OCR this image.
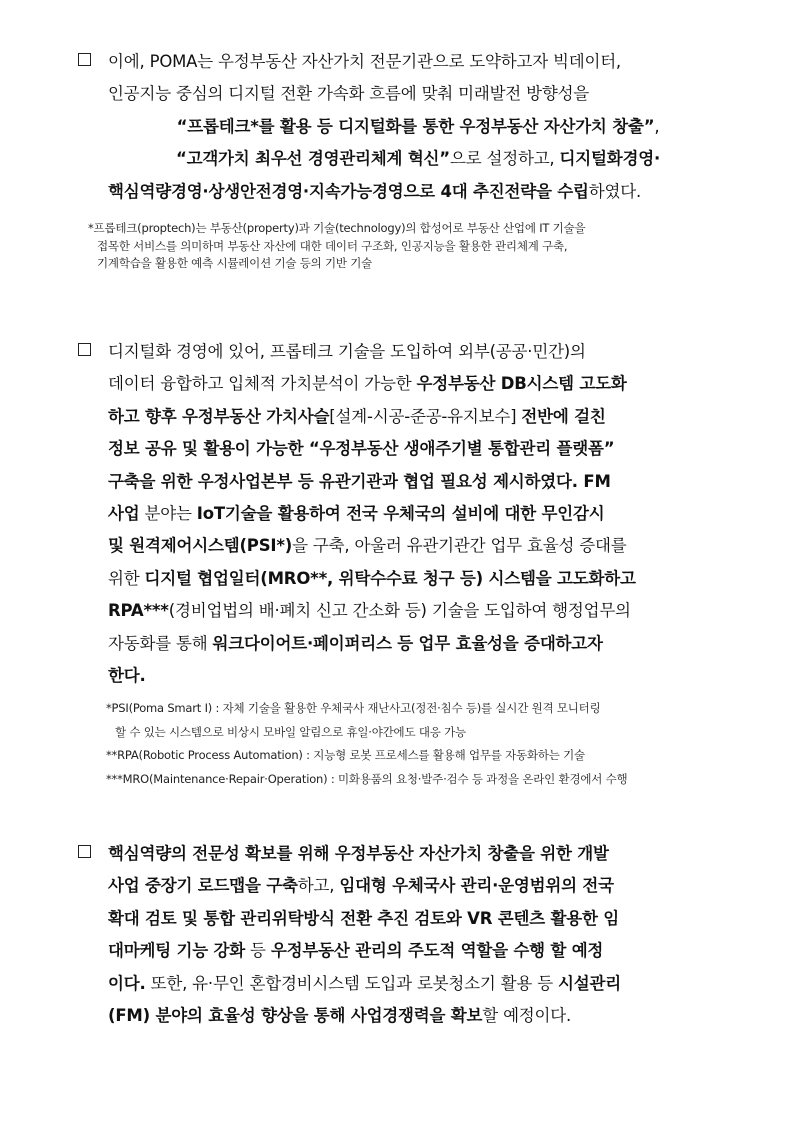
이에, POMA는 우정부동산 자산가치 전문기관으로 도약하고자 빅데이터,
인공지능 중심의 디지털 전환 가속화 흐름에 맞춰 미래발전 방향성을
“프롭테크*를 활용 등 디지털화를 통한 우정부동산 자산가치 창출”,
“고객가치 최우선 경영관리체계 혁신”으로 설정하고, 디지털화경영·
핵심역량경영·상생안전경영·지속가능경영으로 4대 추진전략을 수립하였다.

*프롭테크(proptech)는 부동산(property)과 기술(technology)의 합성어로 부동산 산업에 IT 기술을

접목한 서비스를 의미하며 부동산 자산에 대한 데이터 구조화, 인공지능을 활용한 관리체계 구축,

기계학습을 활용한 예측 시뮬레이션 기술 등의 기반 기술

디지털화 경영에 있어, 프롭테크 기술을 도입하여 외부(공공·민간)의
데이터 융합하고 입체적 가치분석이 가능한 우정부동산 DB시스템 고도화
하고 향후 우정부동산 가치사슬[설계-시공-준공-유지보수] 전반에 걸친
정보 공유 및 활용이 가능한 “우정부동산 생애주기별 통합관리 플랫폼”
구축을 위한 우정사업본부 등 유관기관과 협업 필요성 제시하였다. FM
사업 분야는 IoT기술을 활용하여 전국 우체국의 설비에 대한 무인감시
및 원격제어시스템(PSI*)을 구축, 아울러 유관기관간 업무 효율성 증대를
위한 디지털 협업일터(MRO**, 위탁수수료 청구 등) 시스템을 고도화하고
RPA***(경비업법의 배·폐치 신고 간소화 등) 기술을 도입하여 행정업무의
자동화를 통해 워크다이어트·페이퍼리스 등 업무 효율성을 증대하고자
한다.

*PSI(Poma Smart I) : 자체 기술을 활용한 우체국사 재난사고(정전·침수 등)를 실시간 원격 모니터링

할 수 있는 시스템으로 비상시 모바일 알림으로 휴일·야간에도 대응 가능

**RPA(Robotic Process Automation) : 지능형 로봇 프로세스를 활용해 업무를 자동화하는 기술

***MRO(Maintenance·Repair·Operation) : 미화용품의 요청·발주·검수 등 과정을 온라인 환경에서 수행

핵심역량의 전문성 확보를 위해 우정부동산 자산가치 창출을 위한 개발
사업 중장기 로드맵을 구축하고, 임대형 우체국사 관리·운영범위의 전국
확대 검토 및 통합 관리위탁방식 전환 추진 검토와 VR 콘텐츠 활용한 임
대마케팅 기능 강화 등 우정부동산 관리의 주도적 역할을 수행 할 예정
이다. 또한, 유·무인 혼합경비시스템 도입과 로봇청소기 활용 등 시설관리
(FM) 분야의 효율성 향상을 통해 사업경쟁력을 확보할 예정이다.
